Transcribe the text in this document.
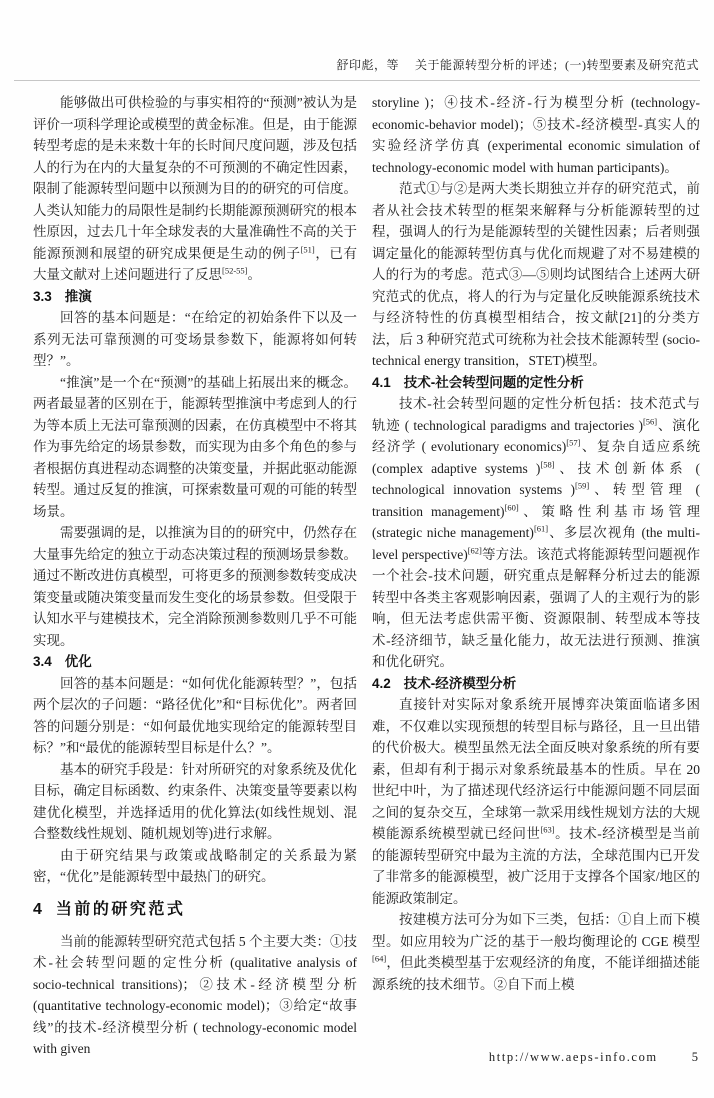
舒印彪，等 关于能源转型分析的评述；(一)转型要素及研究范式

能够做出可供检验的与事实相符的“预测”被认为是评价一项科学理论或模型的黄金标准。但是，由于能源转型考虑的是未来数十年的长时间尺度问题，涉及包括人的行为在内的大量复杂的不可预测的不确定性因素，限制了能源转型问题中以预测为目的的研究的可信度。人类认知能力的局限性是制约长期能源预测研究的根本性原因，过去几十年全球发表的大量准确性不高的关于能源预测和展望的研究成果便是生动的例子[51]，已有大量文献对上述问题进行了反思[52-55]。

3.3 推演

回答的基本问题是：“在给定的初始条件下以及一系列无法可靠预测的可变场景参数下，能源将如何转型？”。

“推演”是一个在“预测”的基础上拓展出来的概念。两者最显著的区别在于，能源转型推演中考虑到人的行为等本质上无法可靠预测的因素，在仿真模型中不将其作为事先给定的场景参数，而实现为由多个角色的参与者根据仿真进程动态调整的决策变量，并据此驱动能源转型。通过反复的推演，可探索数量可观的可能的转型场景。

需要强调的是，以推演为目的的研究中，仍然存在大量事先给定的独立于动态决策过程的预测场景参数。通过不断改进仿真模型，可将更多的预测参数转变成决策变量或随决策变量而发生变化的场景参数。但受限于认知水平与建模技术，完全消除预测参数则几乎不可能实现。

3.4 优化

回答的基本问题是：“如何优化能源转型？”，包括两个层次的子问题：“路径优化”和“目标优化”。两者回答的问题分别是：“如何最优地实现给定的能源转型目标？”和“最优的能源转型目标是什么？”。

基本的研究手段是：针对所研究的对象系统及优化目标，确定目标函数、约束条件、决策变量等要素以构建优化模型，并选择适用的优化算法(如线性规划、混合整数线性规划、随机规划等)进行求解。

由于研究结果与政策或战略制定的关系最为紧密，“优化”是能源转型中最热门的研究。

4 当前的研究范式

当前的能源转型研究范式包括 5 个主要大类：①技术-社会转型问题的定性分析 (qualitative analysis of socio-technical transitions)；②技术-经济模型分析 (quantitative technology-economic model)；③给定“故事线”的技术-经济模型分析 ( technology-economic model with given

storyline )；④技术-经济-行为模型分析 (technology-economic-behavior model)；⑤技术-经济模型-真实人的实验经济学仿真 (experimental economic simulation of technology-economic model with human participants)。

范式①与②是两大类长期独立并存的研究范式，前者从社会技术转型的框架来解释与分析能源转型的过程，强调人的行为是能源转型的关键性因素；后者则强调定量化的能源转型仿真与优化而规避了对不易建模的人的行为的考虑。范式③—⑤则均试图结合上述两大研究范式的优点，将人的行为与定量化反映能源系统技术与经济特性的仿真模型相结合，按文献[21]的分类方法，后 3 种研究范式可统称为社会技术能源转型 (socio-technical energy transition，STET)模型。

4.1 技术-社会转型问题的定性分析

技术-社会转型问题的定性分析包括：技术范式与轨迹 ( technological paradigms and trajectories )[56]、演化经济学 ( evolutionary economics)[57]、复杂自适应系统 (complex adaptive systems )[58]、技术创新体系 ( technological innovation systems )[59]、转型管理 ( transition management)[60]、策略性利基市场管理 (strategic niche management)[61]、多层次视角 (the multi-level perspective)[62]等方法。该范式将能源转型问题视作一个社会-技术问题，研究重点是解释分析过去的能源转型中各类主客观影响因素，强调了人的主观行为的影响，但无法考虑供需平衡、资源限制、转型成本等技术-经济细节，缺乏量化能力，故无法进行预测、推演和优化研究。

4.2 技术-经济模型分析

直接针对实际对象系统开展博弈决策面临诸多困难，不仅难以实现预想的转型目标与路径，且一旦出错的代价极大。模型虽然无法全面反映对象系统的所有要素，但却有利于揭示对象系统最基本的性质。早在 20 世纪中叶，为了描述现代经济运行中能源问题不同层面之间的复杂交互，全球第一款采用线性规划方法的大规模能源系统模型就已经问世[63]。技术-经济模型是当前的能源转型研究中最为主流的方法，全球范围内已开发了非常多的能源模型，被广泛用于支撑各个国家/地区的能源政策制定。

按建模方法可分为如下三类，包括：①自上而下模型。如应用较为广泛的基于一般均衡理论的 CGE 模型[64]，但此类模型基于宏观经济的角度，不能详细描述能源系统的技术细节。②自下而上模

http://www.aeps-info.com	5
